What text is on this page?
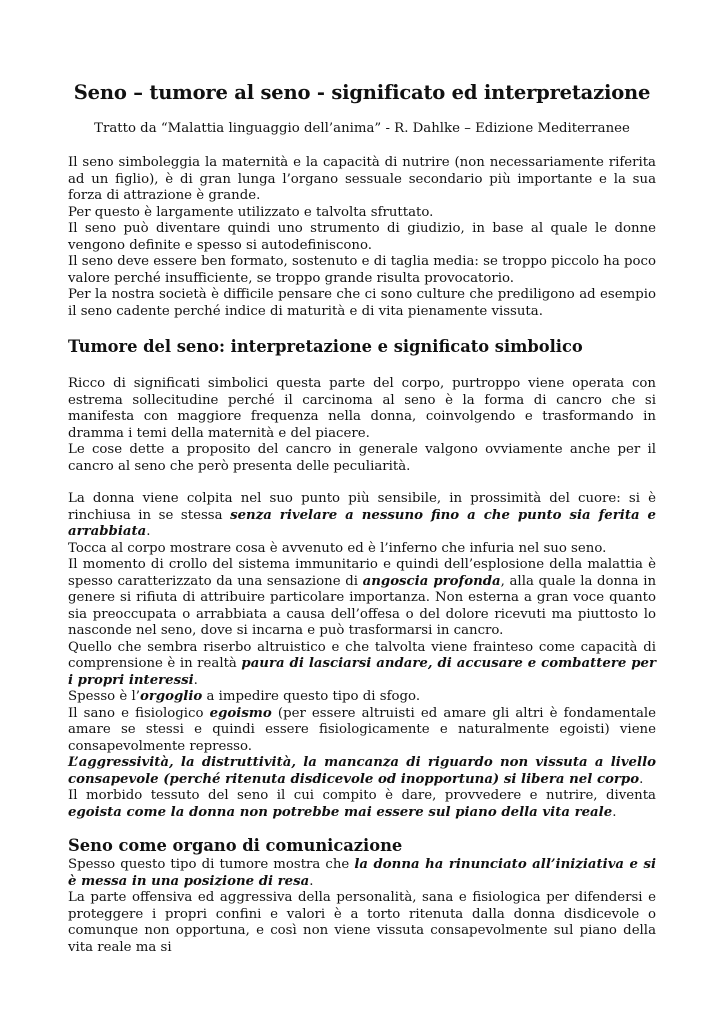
Seno – tumore al seno - significato ed interpretazione
Tratto da “Malattia linguaggio dell’anima” - R. Dahlke – Edizione Mediterranee

Il seno simboleggia la maternità e la capacità di nutrire (non necessariamente riferita ad un figlio), è di gran lunga l’organo sessuale secondario più importante e la sua forza di attrazione è grande.

Per questo è largamente utilizzato e talvolta sfruttato.

Il seno può diventare quindi uno strumento di giudizio, in base al quale le donne vengono definite e spesso si autodefiniscono.

Il seno deve essere ben formato, sostenuto e di taglia media: se troppo piccolo ha poco valore perché insufficiente, se troppo grande risulta provocatorio.

Per la nostra società è difficile pensare che ci sono culture che prediligono ad esempio il seno cadente perché indice di maturità e di vita pienamente vissuta.

Tumore del seno: interpretazione e significato simbolico

Ricco di significati simbolici questa parte del corpo, purtroppo viene operata con estrema sollecitudine perché il carcinoma al seno è la forma di cancro che si manifesta con maggiore frequenza nella donna, coinvolgendo e trasformando in dramma i temi della maternità e del piacere.

Le cose dette a proposito del cancro in generale valgono ovviamente anche per il cancro al seno che però presenta delle peculiarità.

La donna viene colpita nel suo punto più sensibile, in prossimità del cuore: si è rinchiusa in se stessa senza rivelare a nessuno fino a che punto sia ferita e arrabbiata.

Tocca al corpo mostrare cosa è avvenuto ed è l’inferno che infuria nel suo seno.

Il momento di crollo del sistema immunitario e quindi dell’esplosione della malattia è spesso caratterizzato da una sensazione di angoscia profonda, alla quale la donna in genere si rifiuta di attribuire particolare importanza. Non esterna a gran voce quanto sia preoccupata o arrabbiata a causa dell’offesa o del dolore ricevuti ma piuttosto lo nasconde nel seno, dove si incarna e può trasformarsi in cancro.

Quello che sembra riserbo altruistico e che talvolta viene frainteso come capacità di comprensione è in realtà paura di lasciarsi andare, di accusare e combattere per i propri interessi.

Spesso è l’orgoglio a impedire questo tipo di sfogo.

Il sano e fisiologico egoismo (per essere altruisti ed amare gli altri è fondamentale amare se stessi e quindi essere fisiologicamente e naturalmente egoisti) viene consapevolmente represso.

L’aggressività, la distruttività, la mancanza di riguardo non vissuta a livello consapevole (perché ritenuta disdicevole od inopportuna) si libera nel corpo.

Il morbido tessuto del seno il cui compito è dare, provvedere e nutrire, diventa egoista come la donna non potrebbe mai essere sul piano della vita reale.

Seno come organo di comunicazione

Spesso questo tipo di tumore mostra che la donna ha rinunciato all’iniziativa e si è messa in una posizione di resa.

La parte offensiva ed aggressiva della personalità, sana e fisiologica per difendersi e proteggere i propri confini e valori è a torto ritenuta dalla donna disdicevole o comunque non opportuna, e così non viene vissuta consapevolmente sul piano della vita reale ma si
